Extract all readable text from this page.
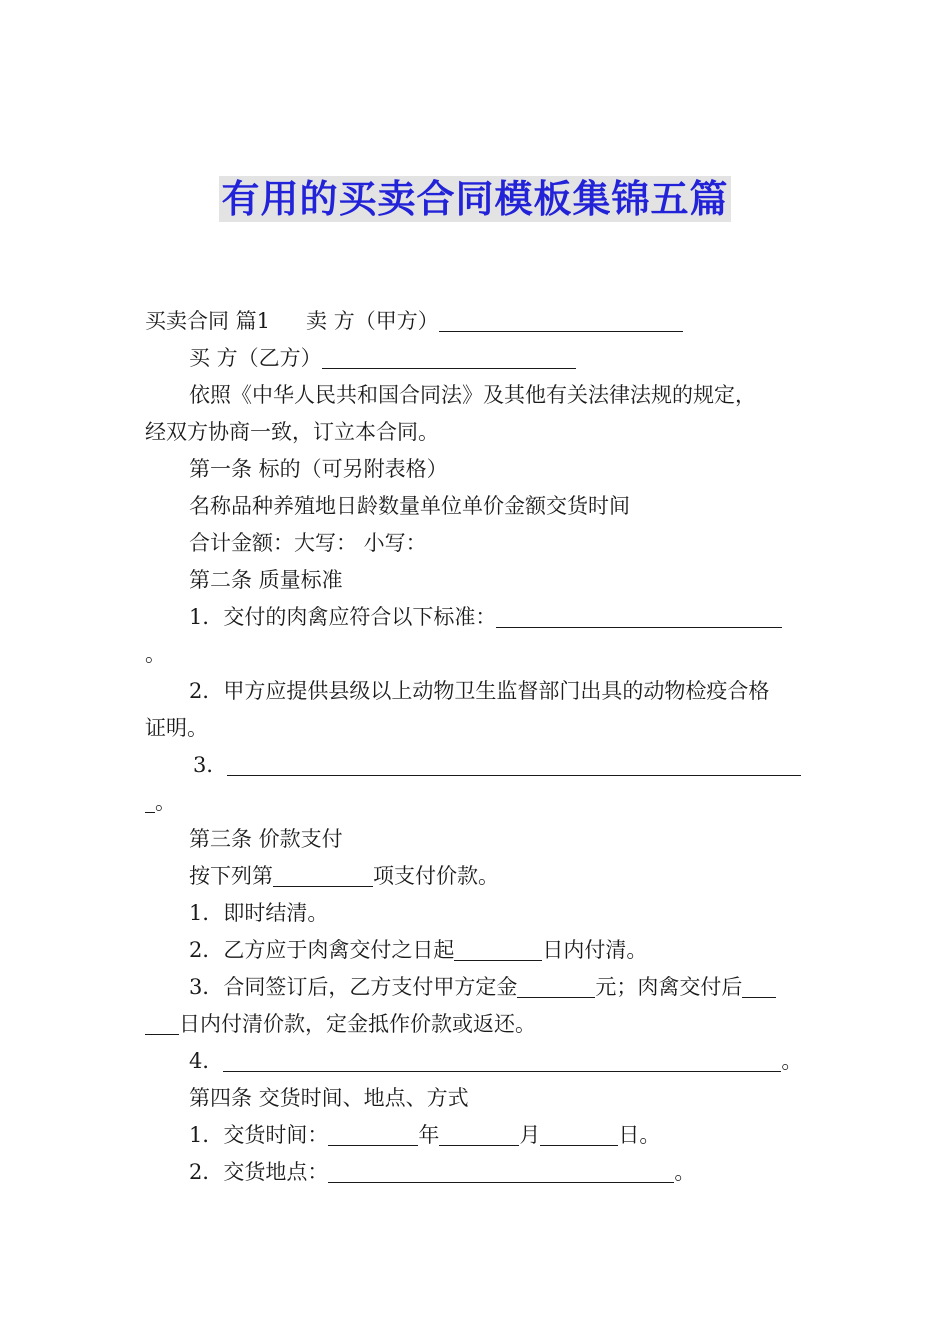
有用的买卖合同模板集锦五篇
买卖合同 篇1 卖 方（甲方）
买 方（乙方）
依照《中华人民共和国合同法》及其他有关法律法规的规定，
经双方协商一致，订立本合同。
第一条 标的（可另附表格）
名称品种养殖地日龄数量单位单价金额交货时间
合计金额：大写： 小写：
第二条 质量标准
1．交付的肉禽应符合以下标准：
。
2．甲方应提供县级以上动物卫生监督部门出具的动物检疫合格
证明。
3．
。
第三条 价款支付
按下列第	项支付价款。
1．即时结清。
2．乙方应于肉禽交付之日起	日内付清。
3．合同签订后，乙方支付甲方定金	元；肉禽交付后
日内付清价款，定金抵作价款或返还。
4．	。
第四条 交货时间、地点、方式
1．交货时间：	年	月	日。
2．交货地点：	。
